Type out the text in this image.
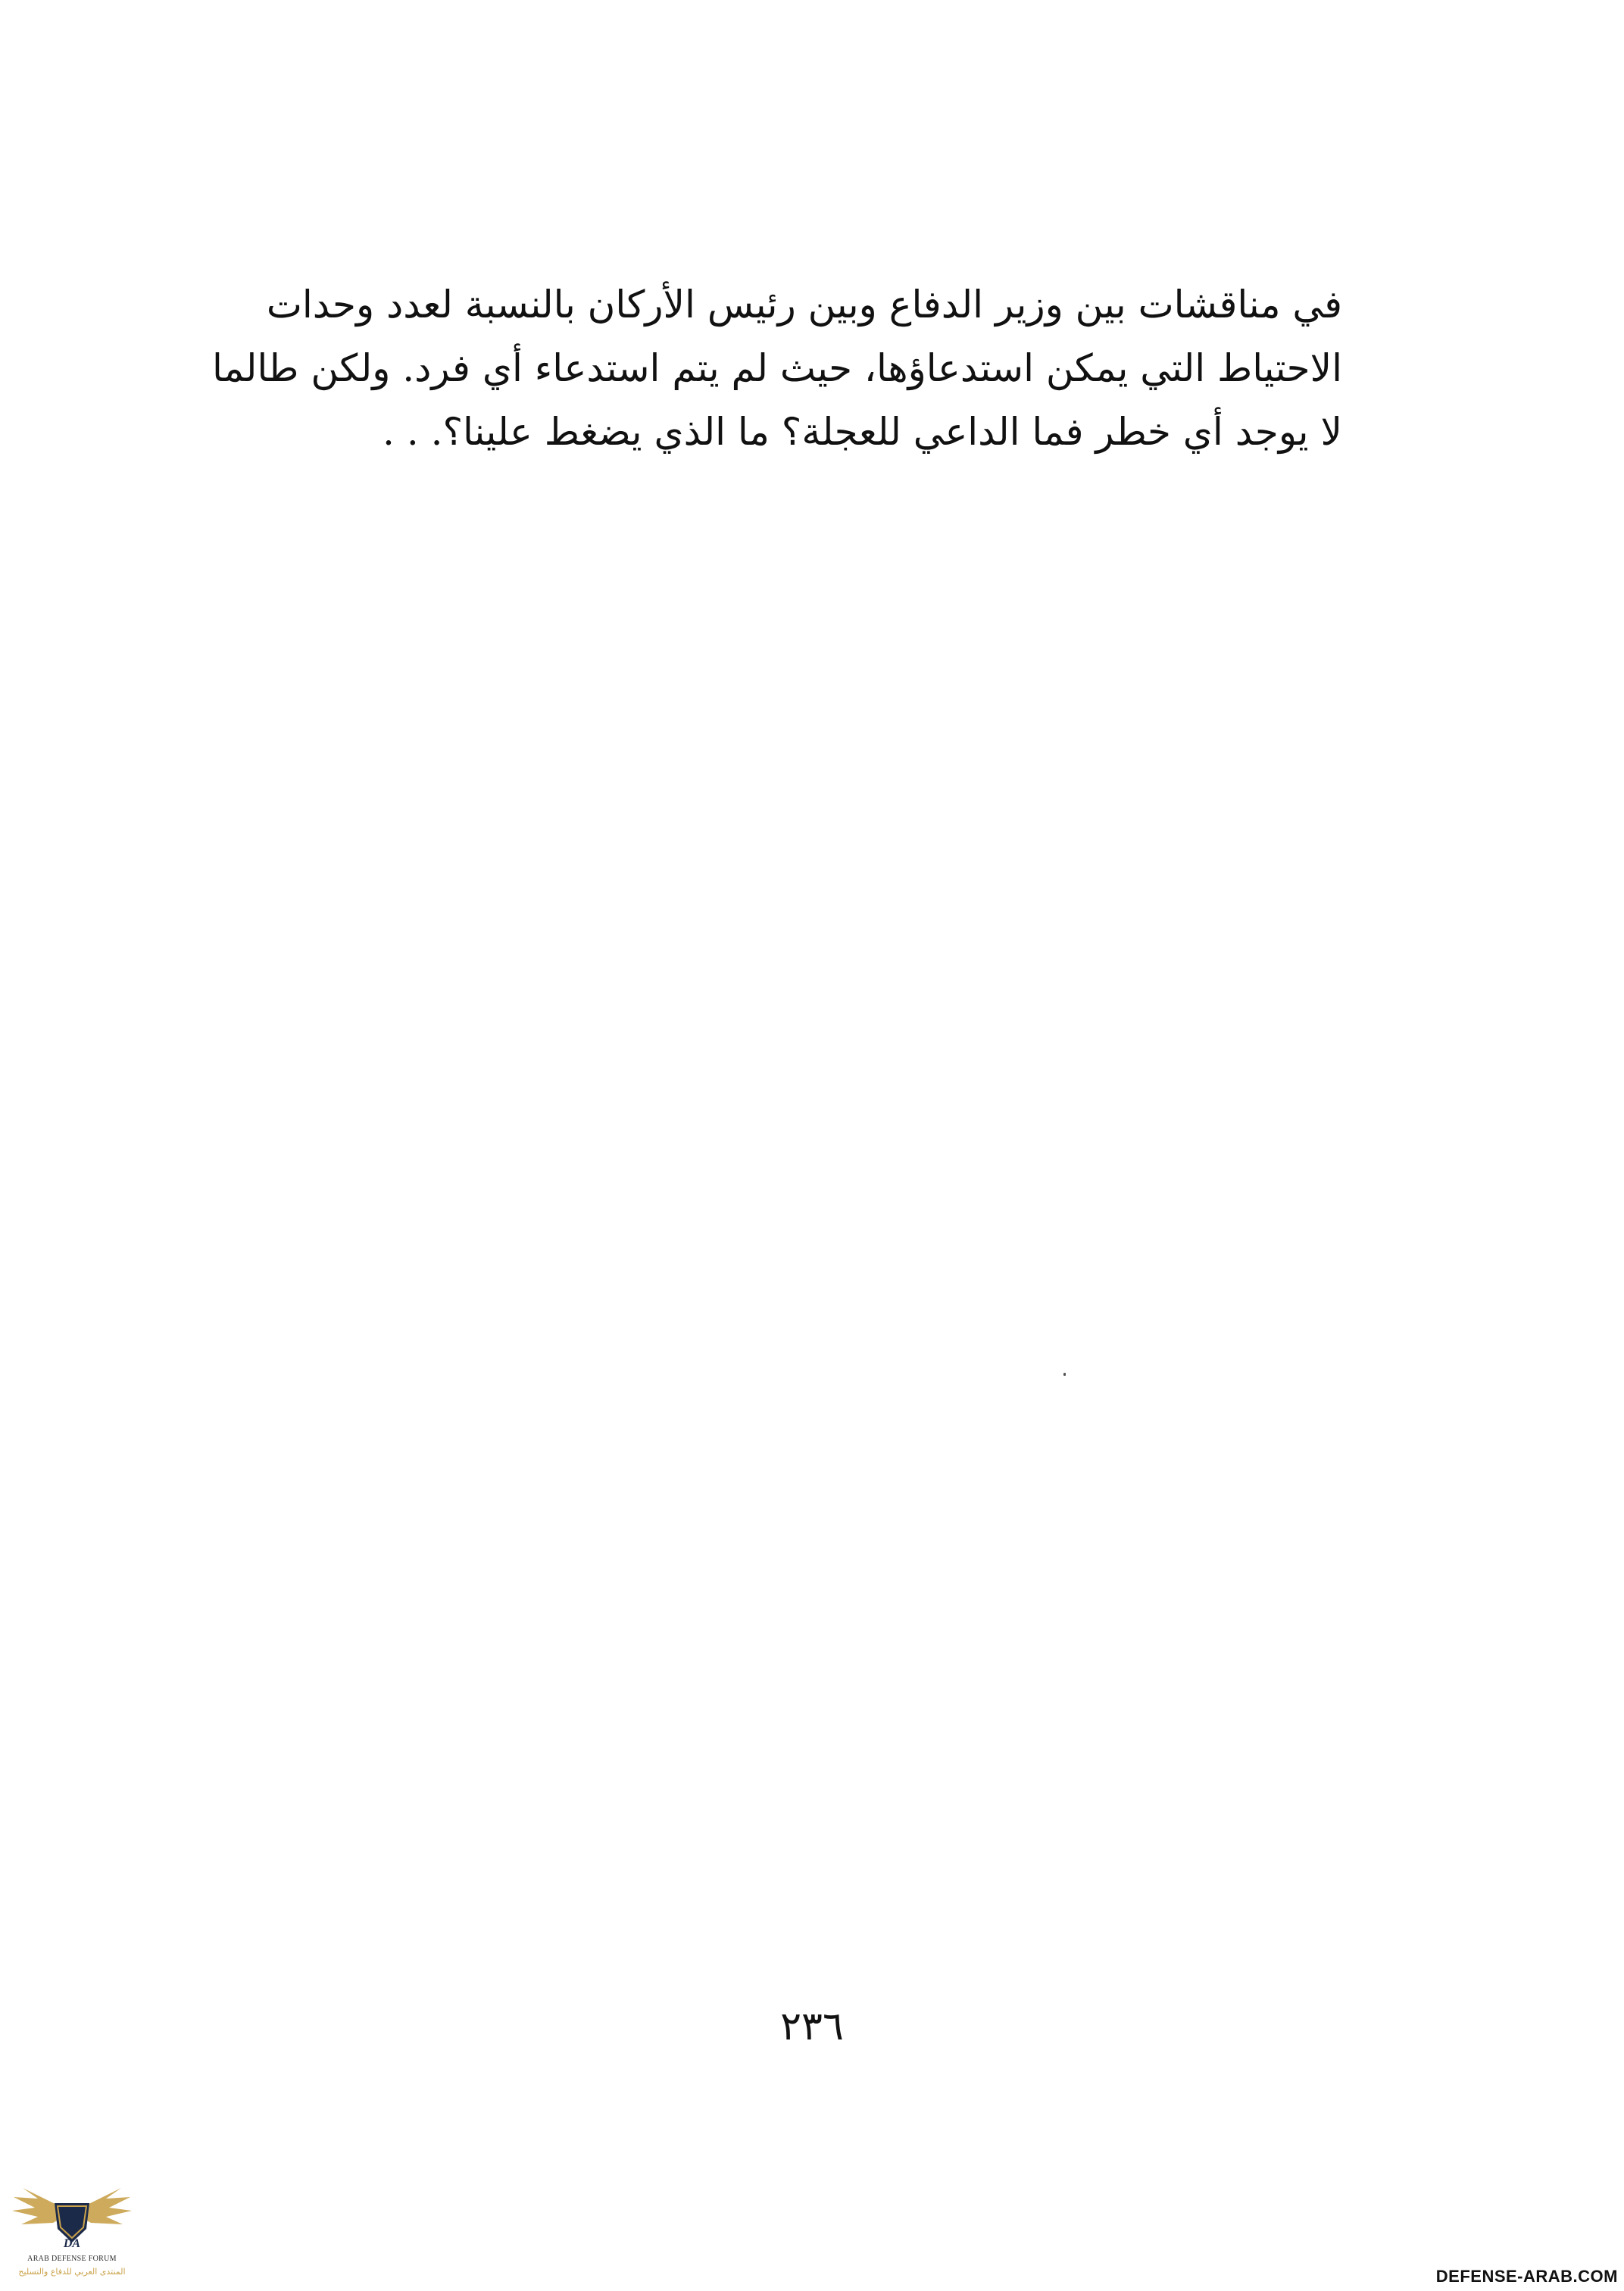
في مناقشات بين وزير الدفاع وبين رئيس الأركان بالنسبة لعدد وحدات
الاحتياط التي يمكن استدعاؤها، حيث لم يتم استدعاء أي فرد. ولكن طالما
لا يوجد أي خطر فما الداعي للعجلة؟ ما الذي يضغط علينا؟. . .
٢٣٦
DA
ARAB DEFENSE FORUM
المنتدى العربي للدفاع والتسليح	DEFENSE-ARAB.COM
